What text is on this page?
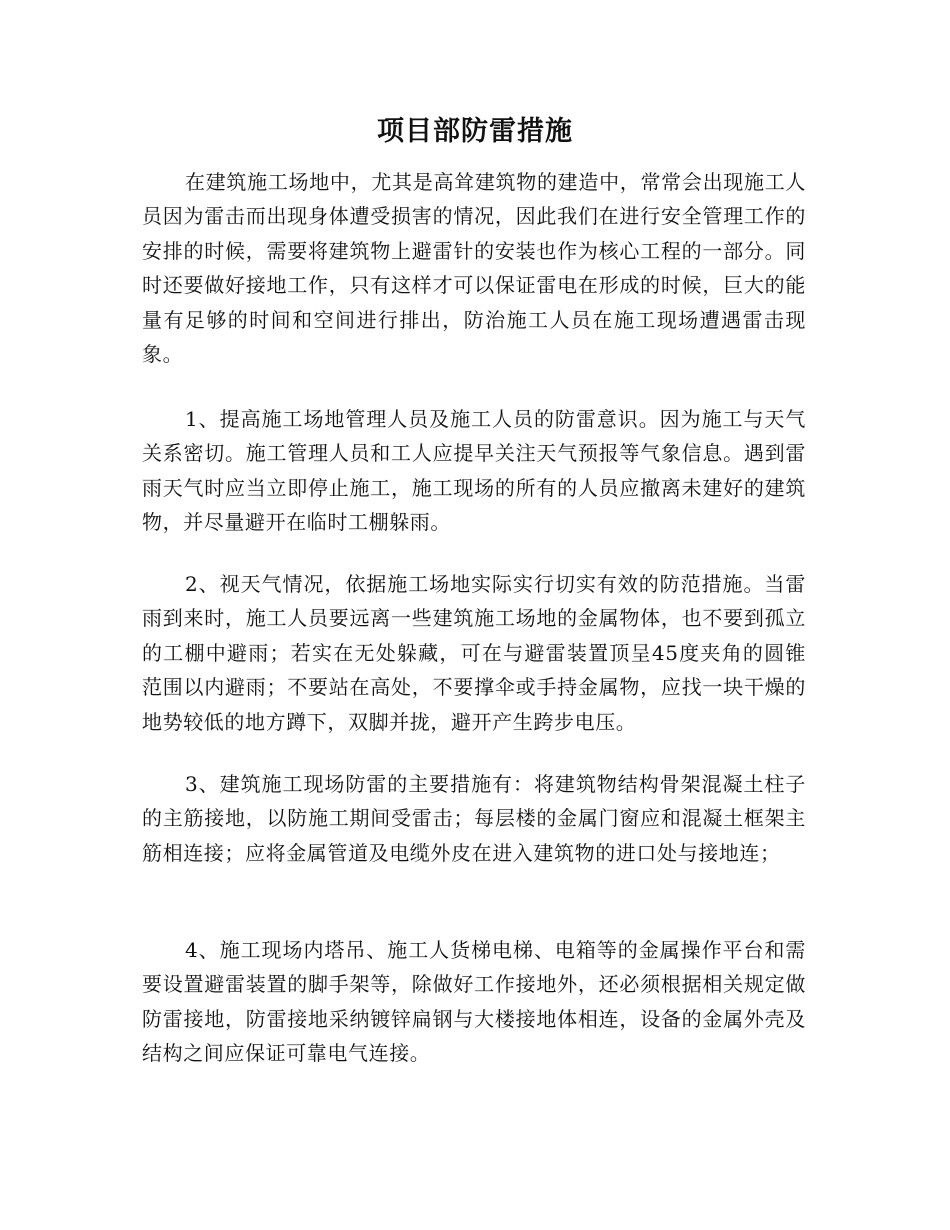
项目部防雷措施

在建筑施工场地中，尤其是高耸建筑物的建造中，常常会出现施工人员因为雷击而出现身体遭受损害的情况，因此我们在进行安全管理工作的安排的时候，需要将建筑物上避雷针的安装也作为核心工程的一部分。同时还要做好接地工作，只有这样才可以保证雷电在形成的时候，巨大的能量有足够的时间和空间进行排出，防治施工人员在施工现场遭遇雷击现象。

1、提高施工场地管理人员及施工人员的防雷意识。因为施工与天气关系密切。施工管理人员和工人应提早关注天气预报等气象信息。遇到雷雨天气时应当立即停止施工，施工现场的所有的人员应撤离未建好的建筑物，并尽量避开在临时工棚躲雨。

2、视天气情况，依据施工场地实际实行切实有效的防范措施。当雷雨到来时，施工人员要远离一些建筑施工场地的金属物体，也不要到孤立的工棚中避雨；若实在无处躲藏，可在与避雷装置顶呈45度夹角的圆锥范围以内避雨；不要站在高处，不要撑伞或手持金属物，应找一块干燥的地势较低的地方蹲下，双脚并拢，避开产生跨步电压。

3、建筑施工现场防雷的主要措施有：将建筑物结构骨架混凝土柱子的主筋接地，以防施工期间受雷击；每层楼的金属门窗应和混凝土框架主筋相连接；应将金属管道及电缆外皮在进入建筑物的进口处与接地连；

4、施工现场内塔吊、施工人货梯电梯、电箱等的金属操作平台和需要设置避雷装置的脚手架等，除做好工作接地外，还必须根据相关规定做防雷接地，防雷接地采纳镀锌扁钢与大楼接地体相连，设备的金属外壳及结构之间应保证可靠电气连接。
